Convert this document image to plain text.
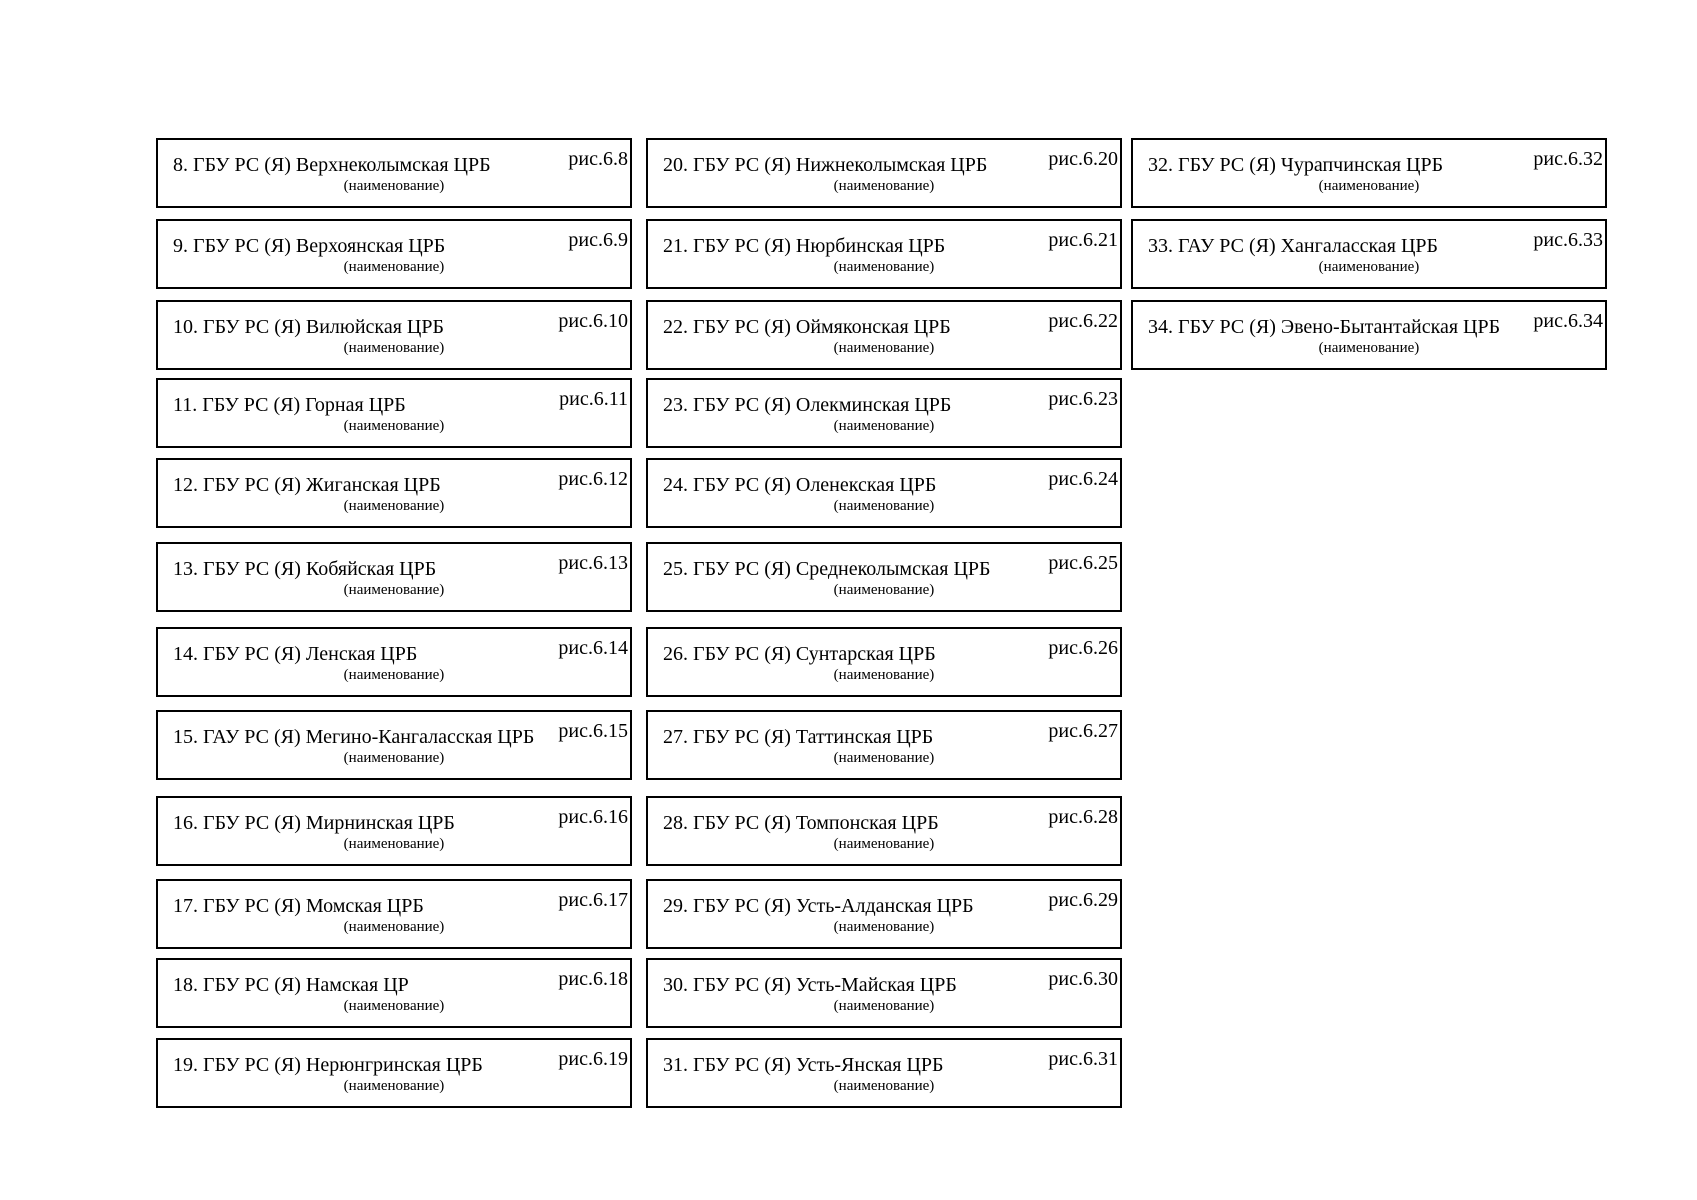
8. ГБУ РС (Я) Верхнеколымская ЦРБ	рис.6.8
(наименование)
9. ГБУ РС (Я) Верхоянская ЦРБ	рис.6.9
(наименование)
10. ГБУ РС (Я) Вилюйская ЦРБ	рис.6.10
(наименование)
11. ГБУ РС (Я) Горная ЦРБ	рис.6.11
(наименование)
12. ГБУ РС (Я) Жиганская ЦРБ	рис.6.12
(наименование)
13. ГБУ РС (Я) Кобяйская ЦРБ	рис.6.13
(наименование)
14. ГБУ РС (Я) Ленская ЦРБ	рис.6.14
(наименование)
15. ГАУ РС (Я) Мегино-Кангаласская ЦРБ рис.6.15
(наименование)
16. ГБУ РС (Я) Мирнинская ЦРБ	рис.6.16
(наименование)
17. ГБУ РС (Я) Момская ЦРБ	рис.6.17
(наименование)
18. ГБУ РС (Я) Намская ЦР	рис.6.18
(наименование)
19. ГБУ РС (Я) Нерюнгринская ЦРБ	рис.6.19
(наименование)
20. ГБУ РС (Я) Нижнеколымская ЦРБ	рис.6.20
(наименование)
21. ГБУ РС (Я) Нюрбинская ЦРБ	рис.6.21
(наименование)
22. ГБУ РС (Я) Оймяконская ЦРБ	рис.6.22
(наименование)
23. ГБУ РС (Я) Олекминская ЦРБ	рис.6.23
(наименование)
24. ГБУ РС (Я) Оленекская ЦРБ	рис.6.24
(наименование)
25. ГБУ РС (Я) Среднеколымская ЦРБ	рис.6.25
(наименование)
26. ГБУ РС (Я) Сунтарская ЦРБ	рис.6.26
(наименование)
27. ГБУ РС (Я) Таттинская ЦРБ	рис.6.27
(наименование)
28. ГБУ РС (Я) Томпонская ЦРБ	рис.6.28
(наименование)
29. ГБУ РС (Я) Усть-Алданская ЦРБ	рис.6.29
(наименование)
30. ГБУ РС (Я) Усть-Майская ЦРБ	рис.6.30
(наименование)
31. ГБУ РС (Я) Усть-Янская ЦРБ	рис.6.31
(наименование)
32. ГБУ РС (Я) Чурапчинская ЦРБ	рис.6.32
(наименование)
33. ГАУ РС (Я) Хангаласская ЦРБ	рис.6.33
(наименование)
34. ГБУ РС (Я) Эвено-Бытантайская ЦРБ рис.6.34
(наименование)
